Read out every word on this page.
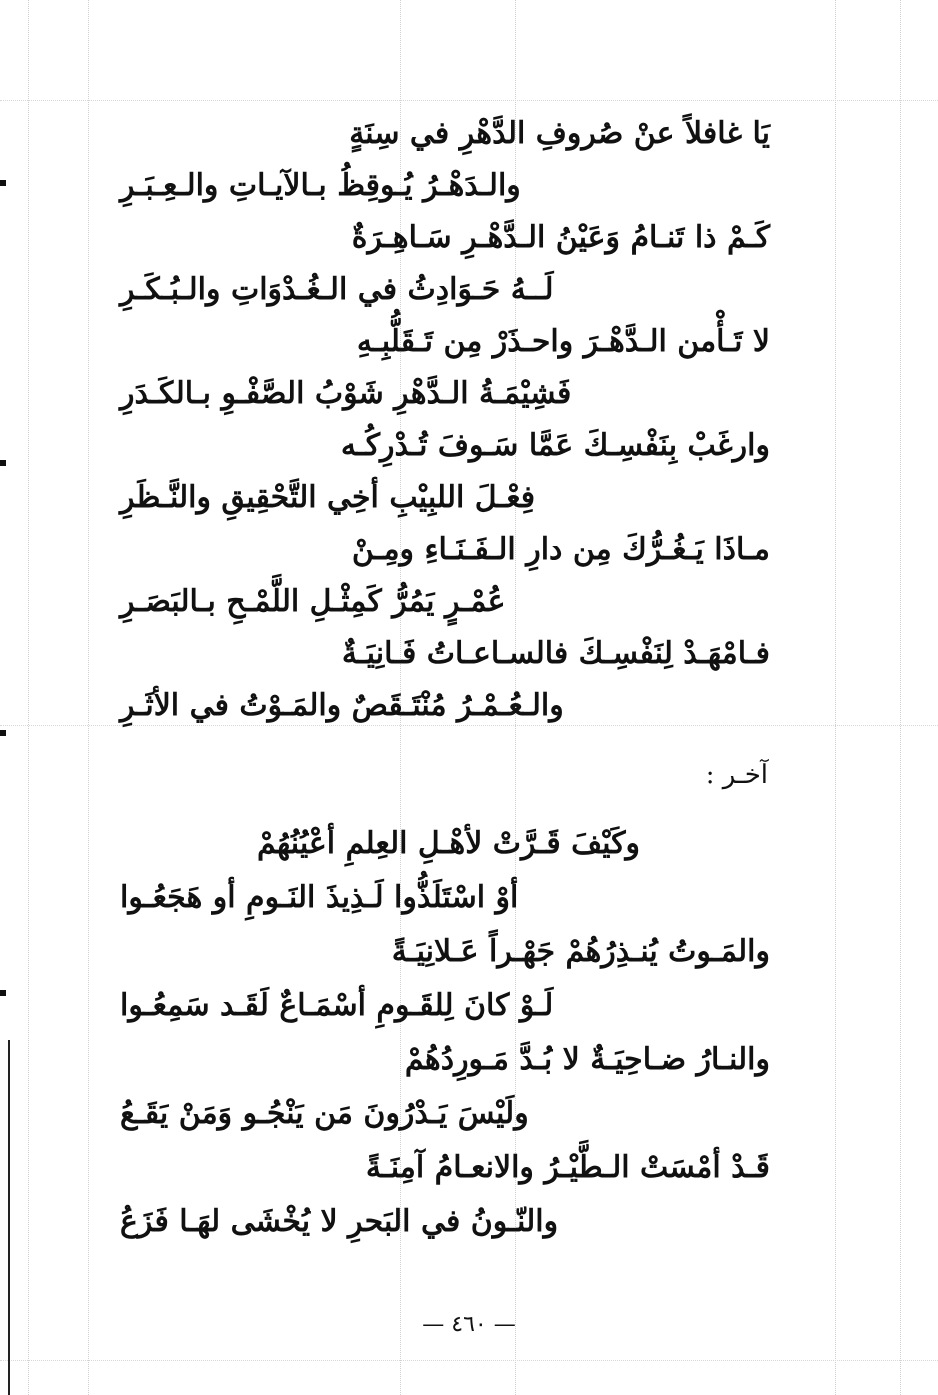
يَا غافلاً عنْ صُروفِ الدَّهْرِ في سِنَةٍ
والـدَهْـرُ يُـوقِظُ بـالآيـاتِ والـعِـبَـرِ
كَـمْ ذا تَنـامُ وَعَيْنُ الـدَّهْـرِ سَـاهِـرَةٌ
لَــهُ حَـوَادِثُ في الـغُـدْوَاتِ والـبُـكَـرِ
لا تَـأْمن الـدَّهْـرَ واحـذَرْ مِن تَـقَلُّبِـهِ
فَشِيْمَـةُ الـدَّهْرِ شَوْبُ الصَّفْـوِ بـالكَـدَرِ
وارغَبْ بِنَفْسِـكَ عَمَّا سَـوفَ تُـدْرِكُـه
فِعْـلَ اللبِيْبِ أخِي التَّحْقِيقِ والنَّـظَرِ
مـاذَا يَـغُـرُّكَ مِن دارِ الـفَـنَـاءِ ومِـنْ
عُمْـرٍ يَمُرُّ كَمِثْـلِ اللَّمْـحِ بـالبَصَـرِ
فـامْهَـدْ لِنَفْسِـكَ فالسـاعـاتُ فَـانِيَـةٌ
والـعُـمْـرُ مُنْتَـقَصٌ والمَـوْتُ في الأثَـرِ
آخـر :
وكَيْفَ قَـرَّتْ لأهْـلِ العِلمِ أعْيُنُهُمْ
أوْ اسْتَلَذُّوا لَـذِيذَ النَـومِ أو هَجَعُـوا
والمَـوتُ يُنـذِرُهُمْ جَهْـراً عَـلانِيَـةً
لَـوْ كانَ لِلقَـومِ أسْمَـاعٌ لَقَـد سَمِعُـوا
والنـارُ ضـاحِيَـةٌ لا بُـدَّ مَـورِدُهُمْ
ولَيْسَ يَـدْرُونَ مَن يَنْجُـو وَمَنْ يَقَـعُ
قَـدْ أمْسَتْ الـطَّيْـرُ والانعـامُ آمِنَـةً
والنّـونُ في البَحرِ لا يُخْشَى لهَـا فَزَعُ
— ٤٦٠ —
